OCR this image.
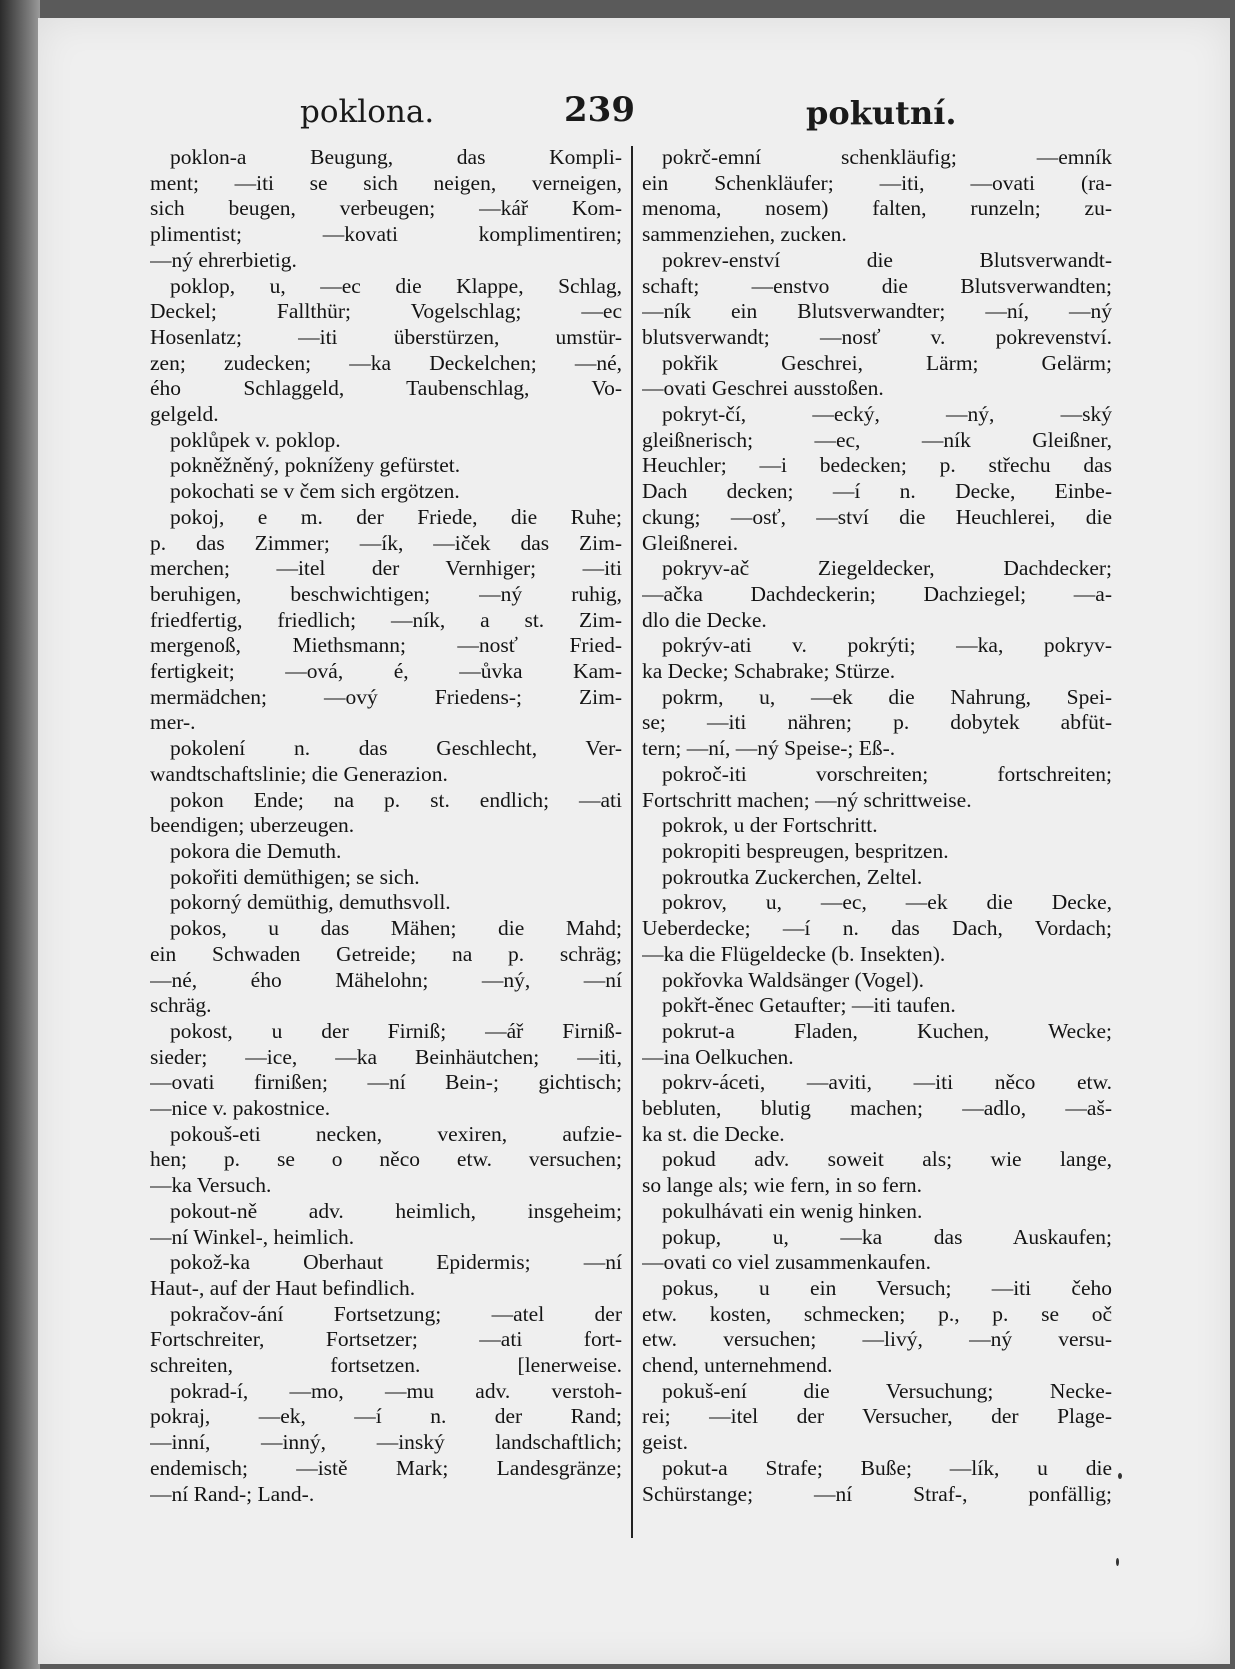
poklona.	239	pokutní.
poklon-a Beugung, das Kompli-
ment; —iti se sich neigen, verneigen,
sich beugen, verbeugen; —kář Kom-
plimentist; —kovati komplimentiren;
—ný ehrerbietig.
poklop, u, —ec die Klappe, Schlag,
Deckel; Fallthür; Vogelschlag; —ec
Hosenlatz; —iti überstürzen, umstür-
zen; zudecken; —ka Deckelchen; —né,
ého Schlaggeld, Taubenschlag, Vo-
gelgeld.
poklůpek v. poklop.
pokněžněný, pokníženy gefürstet.
pokochati se v čem sich ergötzen.
pokoj, e m. der Friede, die Ruhe;
p. das Zimmer; —ík, —iček das Zim-
merchen; —itel der Vernhiger; —iti
beruhigen, beschwichtigen; —ný ruhig,
friedfertig, friedlich; —ník, a st. Zim-
mergenoß, Miethsmann; —nosť Fried-
fertigkeit; —ová, é, —ůvka Kam-
mermädchen; —ový Friedens-; Zim-
mer-.
pokolení n. das Geschlecht, Ver-
wandtschaftslinie; die Generazion.
pokon Ende; na p. st. endlich; —ati
beendigen; uberzeugen.
pokora die Demuth.
pokořiti demüthigen; se sich.
pokorný demüthig, demuthsvoll.
pokos, u das Mähen; die Mahd;
ein Schwaden Getreide; na p. schräg;
—né, ého Mähelohn; —ný, —ní
schräg.
pokost, u der Firniß; —ář Firniß-
sieder; —ice, —ka Beinhäutchen; —iti,
—ovati firnißen; —ní Bein-; gichtisch;
—nice v. pakostnice.
pokouš-eti necken, vexiren, aufzie-
hen; p. se o něco etw. versuchen;
—ka Versuch.
pokout-ně adv. heimlich, insgeheim;
—ní Winkel-, heimlich.
pokož-ka Oberhaut Epidermis; —ní
Haut-, auf der Haut befindlich.
pokračov-ání Fortsetzung; —atel der
Fortschreiter, Fortsetzer; —ati fort-
schreiten, fortsetzen. [lenerweise.
pokrad-í, —mo, —mu adv. verstoh-
pokraj, —ek, —í n. der Rand;
—inní, —inný, —inský landschaftlich;
endemisch; —istě Mark; Landesgränze;
—ní Rand-; Land-.
pokrč-emní schenkläufig; —emník
ein Schenkläufer; —iti, —ovati (ra-
menoma, nosem) falten, runzeln; zu-
sammenziehen, zucken.
pokrev-enství die Blutsverwandt-
schaft; —enstvo die Blutsverwandten;
—ník ein Blutsverwandter; —ní, —ný
blutsverwandt; —nosť v. pokrevenství.
pokřik Geschrei, Lärm; Gelärm;
—ovati Geschrei ausstoßen.
pokryt-čí, —ecký, —ný, —ský
gleißnerisch; —ec, —ník Gleißner,
Heuchler; —i bedecken; p. střechu das
Dach decken; —í n. Decke, Einbe-
ckung; —osť, —ství die Heuchlerei, die
Gleißnerei.
pokryv-ač Ziegeldecker, Dachdecker;
—ačka Dachdeckerin; Dachziegel; —a-
dlo die Decke.
pokrýv-ati v. pokrýti; —ka, pokryv-
ka Decke; Schabrake; Stürze.
pokrm, u, —ek die Nahrung, Spei-
se; —iti nähren; p. dobytek abfüt-
tern; —ní, —ný Speise-; Eß-.
pokroč-iti vorschreiten; fortschreiten;
Fortschritt machen; —ný schrittweise.
pokrok, u der Fortschritt.
pokropiti bespreugen, bespritzen.
pokroutka Zuckerchen, Zeltel.
pokrov, u, —ec, —ek die Decke,
Ueberdecke; —í n. das Dach, Vordach;
—ka die Flügeldecke (b. Insekten).
pokřovka Waldsänger (Vogel).
pokřt-ěnec Getaufter; —iti taufen.
pokrut-a Fladen, Kuchen, Wecke;
—ina Oelkuchen.
pokrv-áceti, —aviti, —iti něco etw.
bebluten, blutig machen; —adlo, —aš-
ka st. die Decke.
pokud adv. soweit als; wie lange,
so lange als; wie fern, in so fern.
pokulhávati ein wenig hinken.
pokup, u, —ka das Auskaufen;
—ovati co viel zusammenkaufen.
pokus, u ein Versuch; —iti čeho
etw. kosten, schmecken; p., p. se oč
etw. versuchen; —livý, —ný versu-
chend, unternehmend.
pokuš-ení die Versuchung; Necke-
rei; —itel der Versucher, der Plage-
geist.
pokut-a Strafe; Buße; —lík, u die
Schürstange; —ní Straf-, ponfällig;
